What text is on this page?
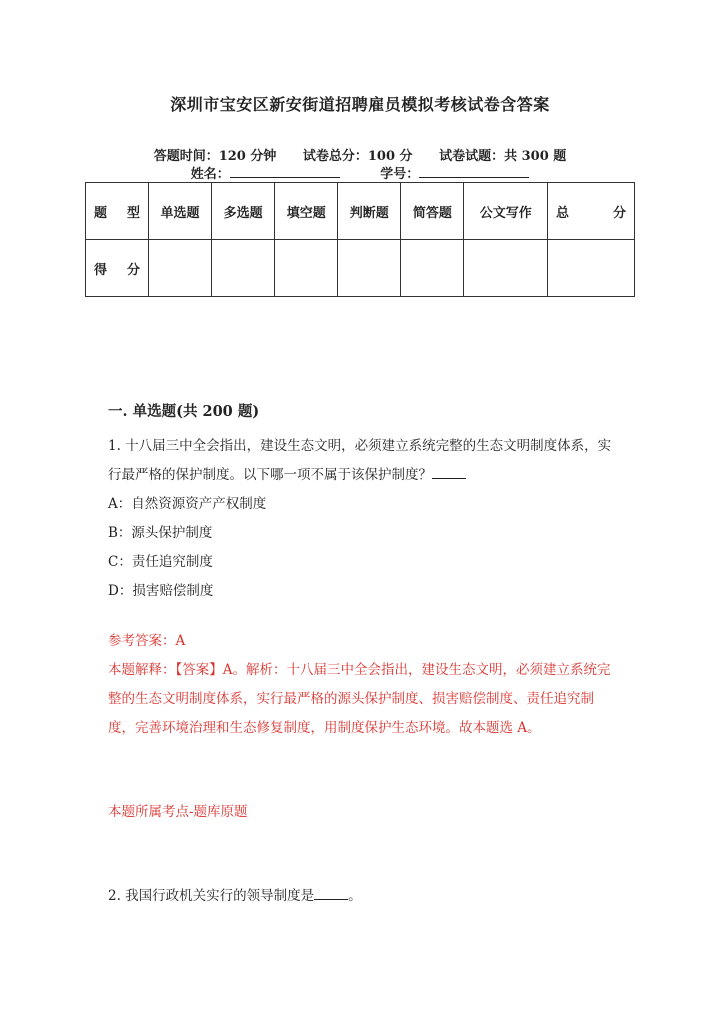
深圳市宝安区新安街道招聘雇员模拟考核试卷含答案
答题时间：120 分钟 试卷总分：100 分 试卷试题：共 300 题
姓名：	学号：
题 型	单选题	多选题	填空题	判断题	简答题	公文写作	总 分

得 分							

一. 单选题(共 200 题)

1. 十八届三中全会指出，建设生态文明，必须建立系统完整的生态文明制度体系，实行最严格的保护制度。以下哪一项不属于该保护制度？

A：自然资源资产产权制度

B：源头保护制度

C：责任追究制度

D：损害赔偿制度

参考答案：A

本题解释：【答案】A。解析：十八届三中全会指出，建设生态文明，必须建立系统完整的生态文明制度体系，实行最严格的源头保护制度、损害赔偿制度、责任追究制度，完善环境治理和生态修复制度，用制度保护生态环境。故本题选 A。

本题所属考点-题库原题

2. 我国行政机关实行的领导制度是	。
